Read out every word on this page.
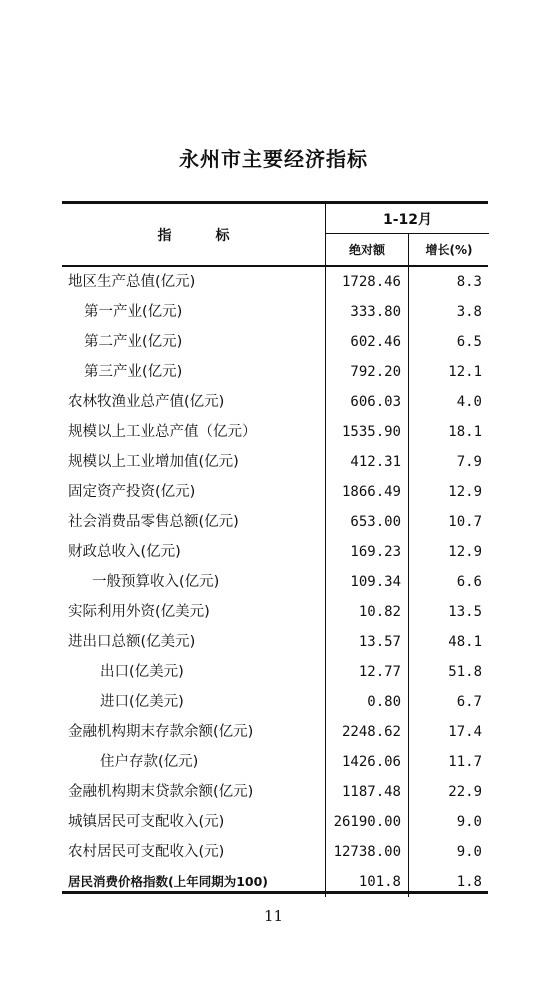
永州市主要经济指标
指	标
1-12月
绝对额	增长(%)
地区生产总值(亿元)	1728.46	8.3
第一产业(亿元)	333.80	3.8
第二产业(亿元)	602.46	6.5
第三产业(亿元)	792.20	12.1
农林牧渔业总产值(亿元)	606.03	4.0
规模以上工业总产值（亿元）	1535.90	18.1
规模以上工业增加值(亿元)	412.31	7.9
固定资产投资(亿元)	1866.49	12.9
社会消费品零售总额(亿元)	653.00	10.7
财政总收入(亿元)	169.23	12.9
一般预算收入(亿元)	109.34	6.6
实际利用外资(亿美元)	10.82	13.5
进出口总额(亿美元)	13.57	48.1
出口(亿美元)	12.77	51.8
进口(亿美元)	0.80	6.7
金融机构期末存款余额(亿元)	2248.62	17.4
住户存款(亿元)	1426.06	11.7
金融机构期末贷款余额(亿元)	1187.48	22.9
城镇居民可支配收入(元)	26190.00	9.0
农村居民可支配收入(元)	12738.00	9.0
居民消费价格指数(上年同期为100)	101.8	1.8
11
